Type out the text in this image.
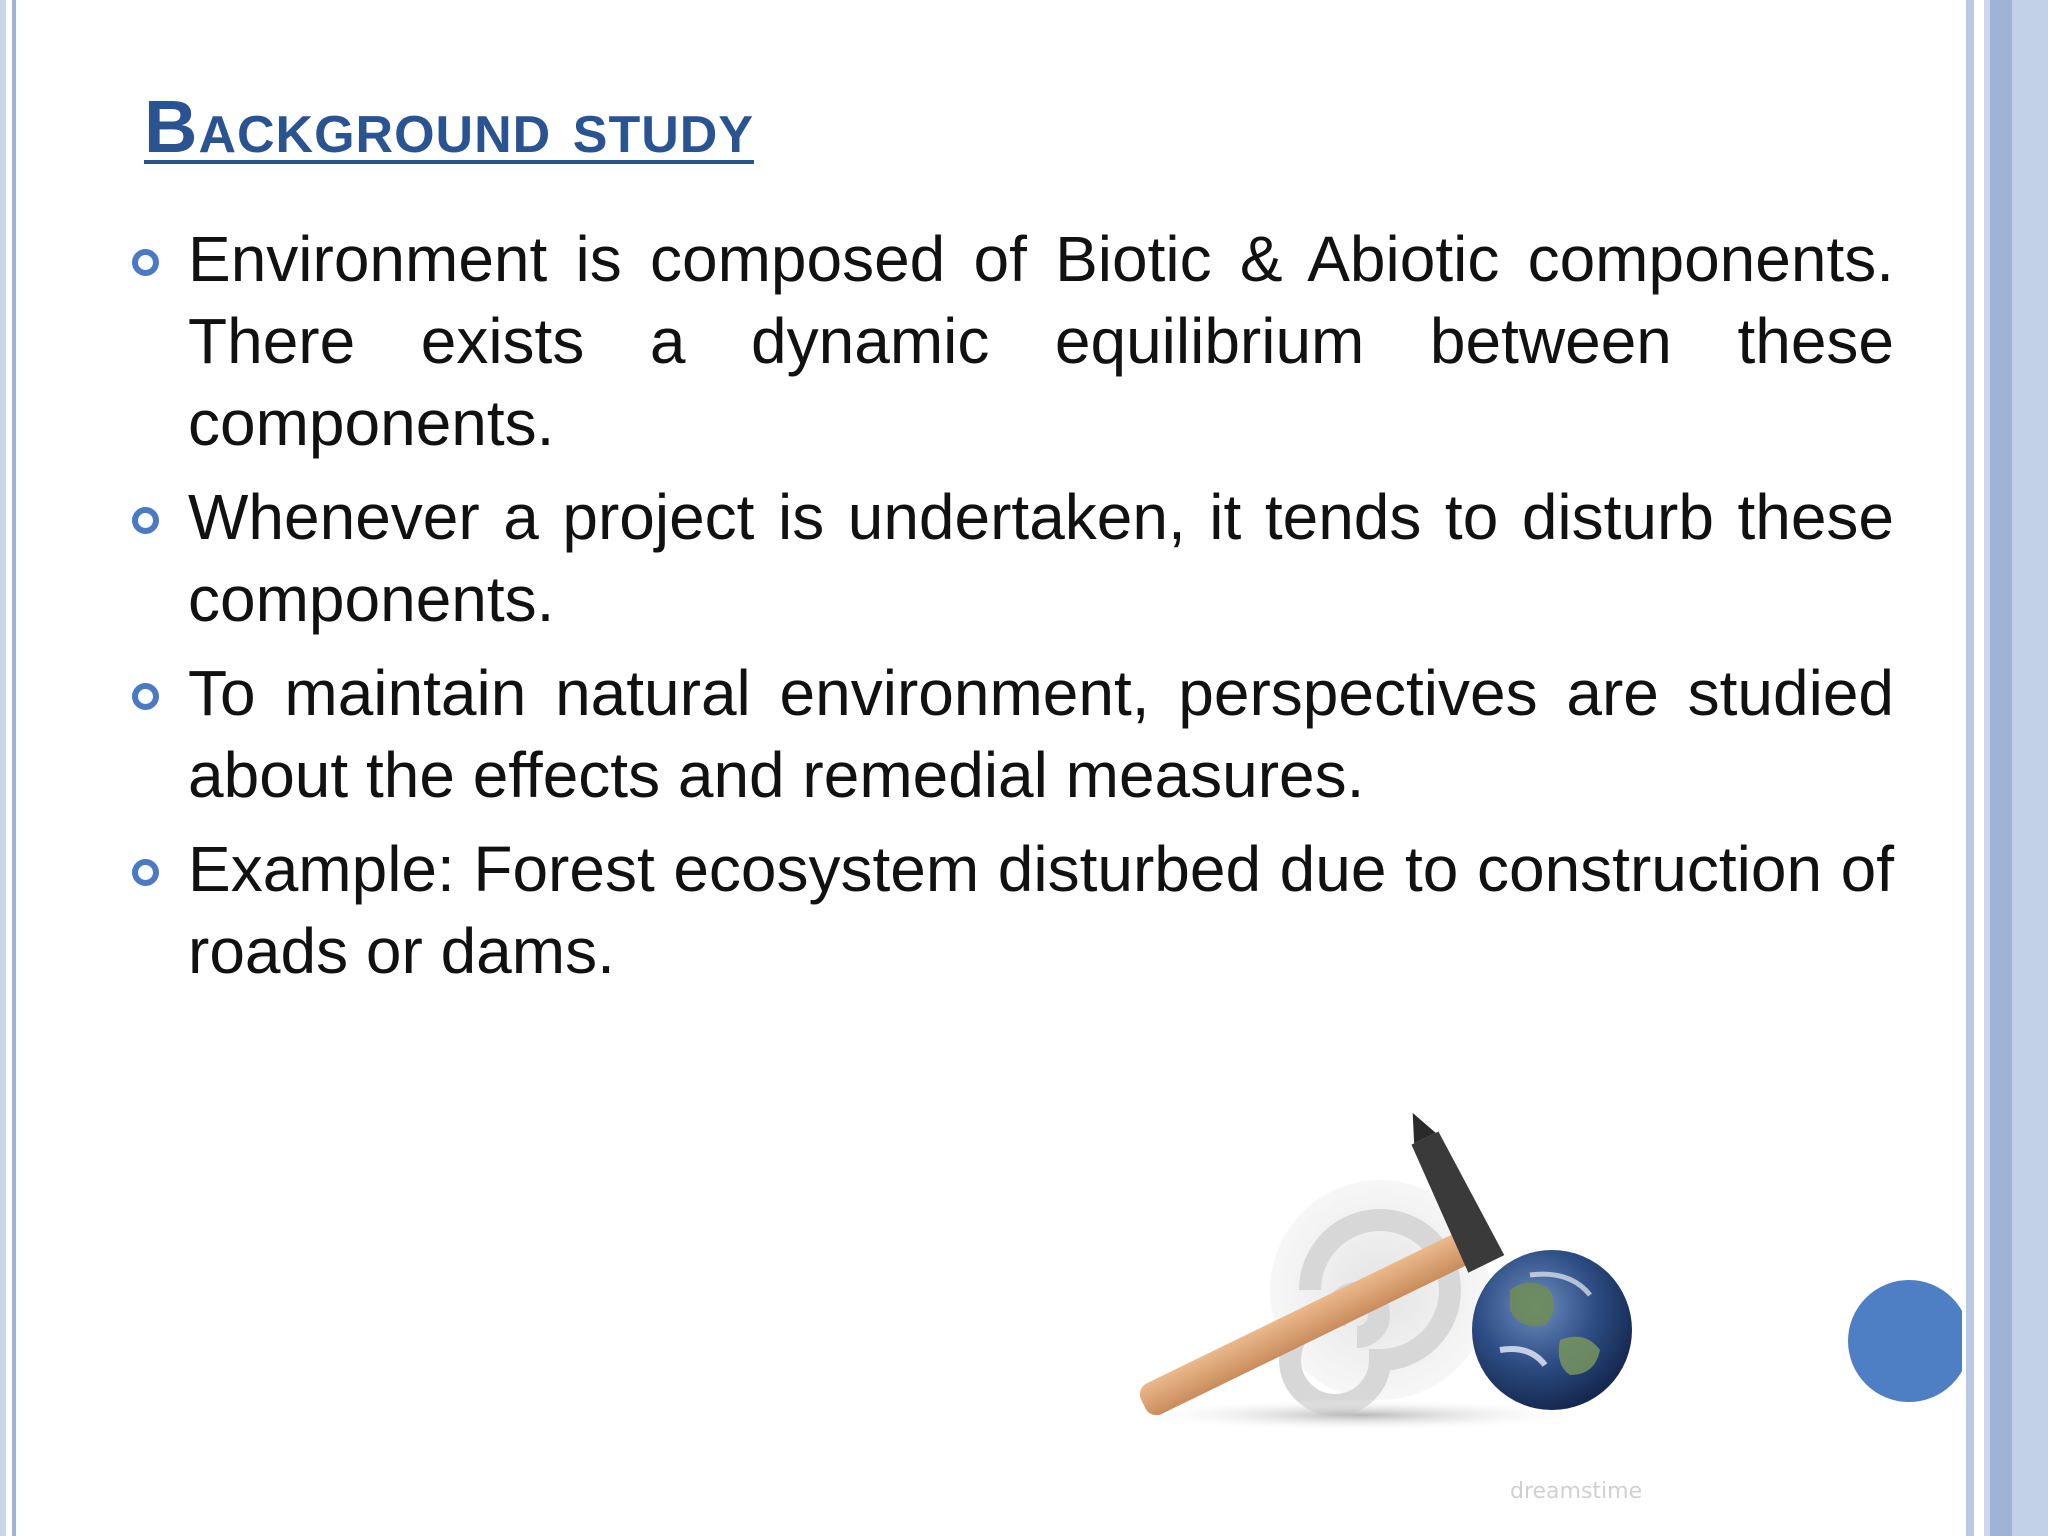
Background study
Environment is composed of Biotic & Abiotic components. There exists a dynamic equilibrium between these components.
Whenever a project is undertaken, it tends to disturb these components.
To maintain natural environment, perspectives are studied about the effects and remedial measures.
Example: Forest ecosystem disturbed due to construction of roads or dams.
dreamstime
